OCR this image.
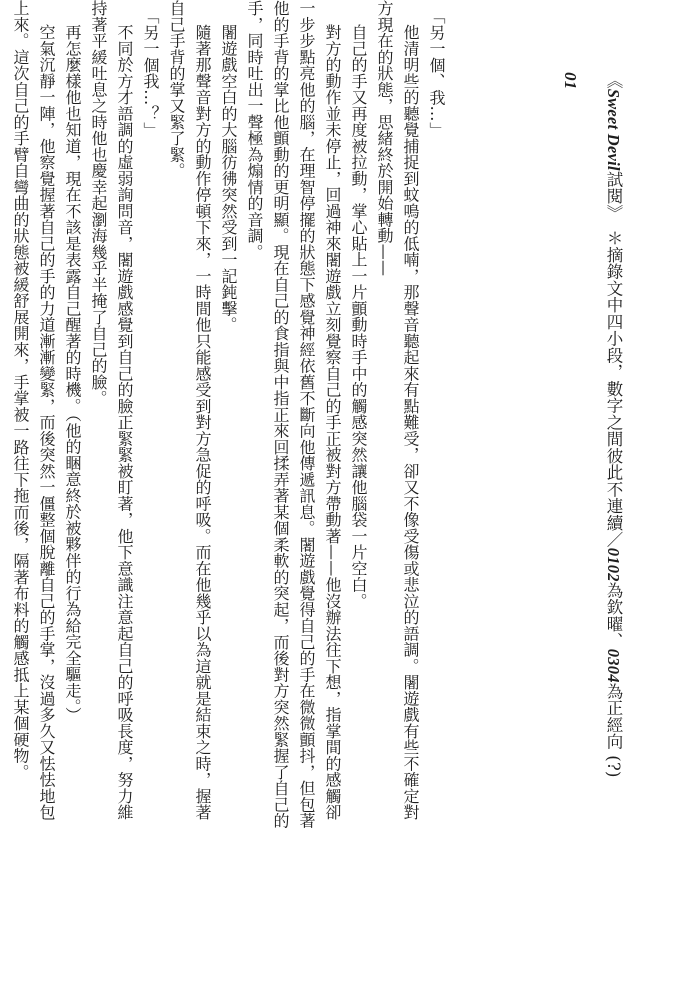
《Sweet Devil試閱》　＊摘錄文中四小段，數字之間彼此不連續／0102為欽曜、0304為正經向 (?)
01

「另一個、我…」

他清明些的聽覺捕捉到蚊鳴的低喃，那聲音聽起來有點難受，卻又不像受傷或悲泣的語調。闍遊戲有些不確定對

方現在的狀態，思緒終於開始轉動——

自己的手又再度被拉動，掌心貼上一片顫動時手中的觸感突然讓他腦袋一片空白。

對方的動作並未停止，回過神來闍遊戲立刻覺察自己的手正被對方帶動著——他沒辦法往下想，指掌間的感觸卻

一步步點亮他的腦，在理智停擺的狀態下感覺神經依舊不斷向他傳遞訊息。闍遊戲覺得自己的手在微微顫抖，但包著

他的手背的掌比他顫動的更明顯。現在自己的食指與中指正來回揉弄著某個柔軟的突起，而後對方突然緊握了自己的

手，同時吐出一聲極為煽情的音調。

闍遊戲空白的大腦彷彿突然受到一記鈍擊。

隨著那聲音對方的動作停頓下來，一時間他只能感受到對方急促的呼吸。而在他幾乎以為這就是結束之時，握著

自己手背的掌又緊了緊。

「另一個我…？」

不同於方才語調的虛弱詢問音，闍遊戲感覺到自己的臉正緊緊被盯著，他下意識注意起自己的呼吸長度，努力維

持著平緩吐息之時他也慶幸起瀏海幾乎半掩了自己的臉。

再怎麼樣他也知道，現在不該是表露自己醒著的時機。（他的睏意終於被夥伴的行為給完全驅走。）

空氣沉靜一陣，他察覺握著自己的手的力道漸漸變緊，而後突然一僵整個脫離自己的手掌，沒過多久又怯怯地包

上來。這次自己的手臂自彎曲的狀態被緩舒展開來，手掌被一路往下拖而後，隔著布料的觸感抵上某個硬物。
